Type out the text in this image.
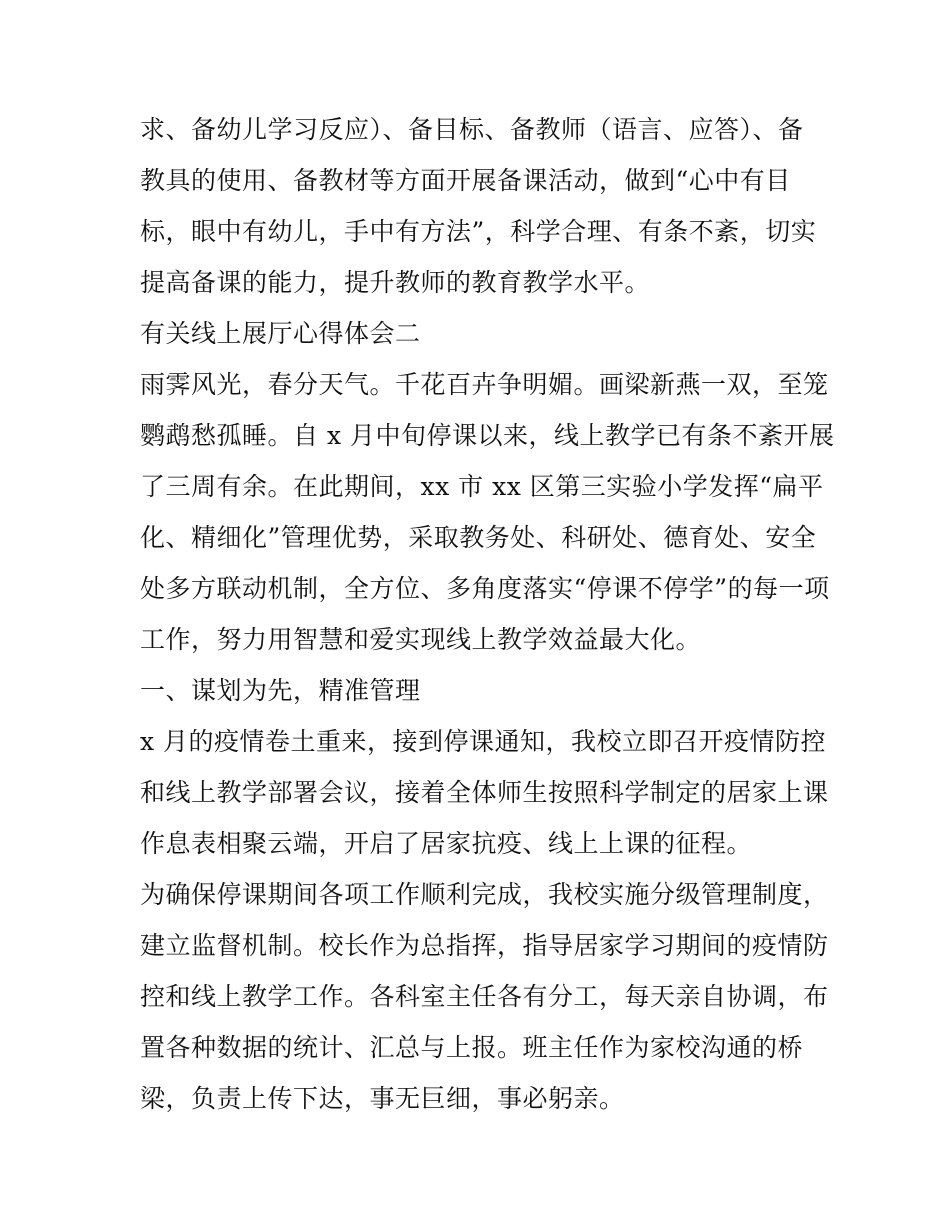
求、备幼儿学习反应）、备目标、备教师（语言、应答）、备
教具的使用、备教材等方面开展备课活动，做到“心中有目
标，眼中有幼儿，手中有方法”，科学合理、有条不紊，切实
提高备课的能力，提升教师的教育教学水平。
有关线上展厅心得体会二
雨霁风光，春分天气。千花百卉争明媚。画梁新燕一双，至笼
鹦鹉愁孤睡。自 x 月中旬停课以来，线上教学已有条不紊开展
了三周有余。在此期间，xx 市 xx 区第三实验小学发挥“扁平
化、精细化”管理优势，采取教务处、科研处、德育处、安全
处多方联动机制，全方位、多角度落实“停课不停学”的每一项
工作，努力用智慧和爱实现线上教学效益最大化。
一、谋划为先，精准管理
x 月的疫情卷土重来，接到停课通知，我校立即召开疫情防控
和线上教学部署会议，接着全体师生按照科学制定的居家上课
作息表相聚云端，开启了居家抗疫、线上上课的征程。
为确保停课期间各项工作顺利完成，我校实施分级管理制度，
建立监督机制。校长作为总指挥，指导居家学习期间的疫情防
控和线上教学工作。各科室主任各有分工，每天亲自协调，布
置各种数据的统计、汇总与上报。班主任作为家校沟通的桥
梁，负责上传下达，事无巨细，事必躬亲。
